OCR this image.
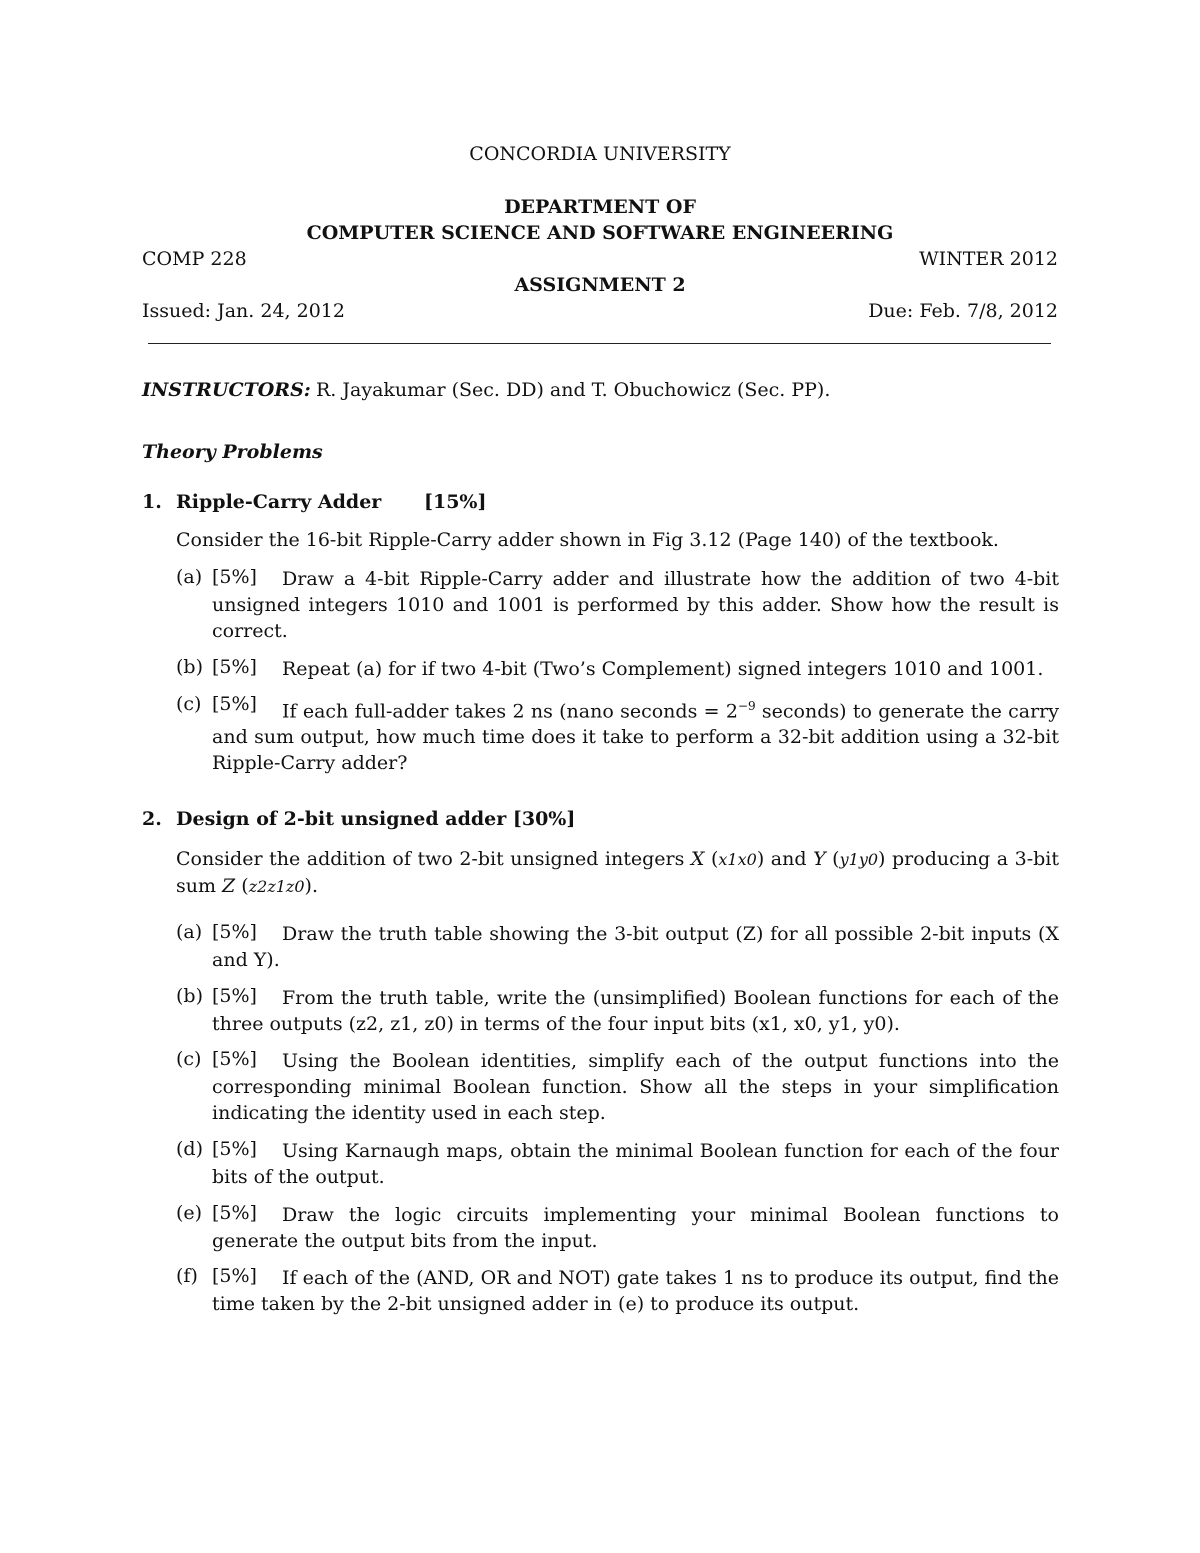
CONCORDIA UNIVERSITY
DEPARTMENT OF
COMPUTER SCIENCE AND SOFTWARE ENGINEERING
COMP 228	WINTER 2012
ASSIGNMENT 2
Issued: Jan. 24, 2012	Due: Feb. 7/8, 2012
INSTRUCTORS: R. Jayakumar (Sec. DD) and T. Obuchowicz (Sec. PP).
Theory Problems
1. Ripple-Carry Adder [15%]
Consider the 16-bit Ripple-Carry adder shown in Fig 3.12 (Page 140) of the textbook.
(a) [5%]	Draw a 4-bit Ripple-Carry adder and illustrate how the addition of two 4-bit unsigned integers 1010 and 1001 is performed by this adder. Show how the result is correct.
(b) [5%]	Repeat (a) for if two 4-bit (Two’s Complement) signed integers 1010 and 1001.
(c) [5%]	If each full-adder takes 2 ns (nano seconds = $2^{-9}$ seconds) to generate the carry and sum output, how much time does it take to perform a 32-bit addition using a 32-bit Ripple-Carry adder?
2. Design of 2-bit unsigned adder [30%]
Consider the addition of two 2-bit unsigned integers X (x1x0) and Y (y1y0) producing a 3-bit sum Z (z2z1z0).
(a) [5%]	Draw the truth table showing the 3-bit output (Z) for all possible 2-bit inputs (X and Y).
(b) [5%]	From the truth table, write the (unsimplified) Boolean functions for each of the three outputs (z2, z1, z0) in terms of the four input bits (x1, x0, y1, y0).
(c) [5%]	Using the Boolean identities, simplify each of the output functions into the corresponding minimal Boolean function. Show all the steps in your simplification indicating the identity used in each step.
(d) [5%]	Using Karnaugh maps, obtain the minimal Boolean function for each of the four bits of the output.
(e) [5%]	Draw the logic circuits implementing your minimal Boolean functions to generate the output bits from the input.
(f) [5%]	If each of the (AND, OR and NOT) gate takes 1 ns to produce its output, find the time taken by the 2-bit unsigned adder in (e) to produce its output.
